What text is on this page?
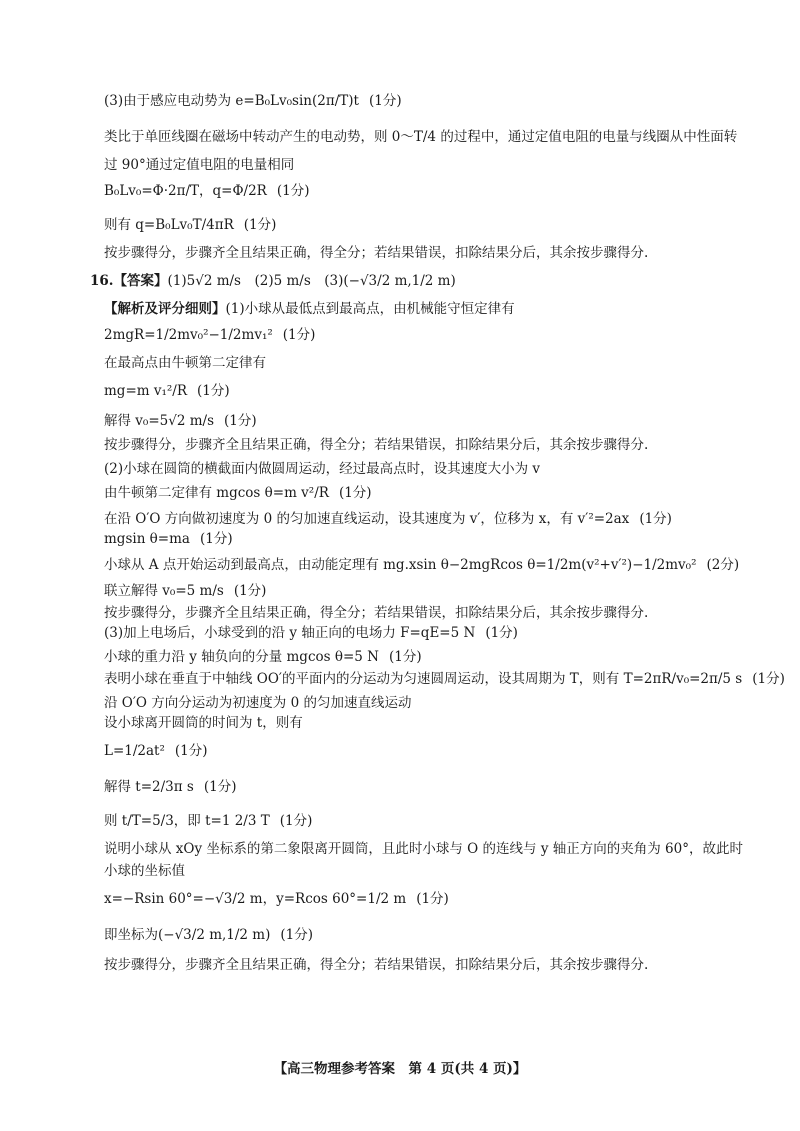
(3)由于感应电动势为 e=B₀Lv₀sin(2π/T)t (1分)
类比于单匝线圈在磁场中转动产生的电动势，则 0～T/4 的过程中，通过定值电阻的电量与线圈从中性面转
过 90°通过定值电阻的电量相同
B₀Lv₀=Φ·2π/T，q=Φ/2R (1分)
则有 q=B₀Lv₀T/4πR (1分)
按步骤得分，步骤齐全且结果正确，得全分；若结果错误，扣除结果分后，其余按步骤得分.
16.【答案】(1)5√2 m/s　(2)5 m/s　(3)(−√3/2 m,1/2 m)
【解析及评分细则】(1)小球从最低点到最高点，由机械能守恒定律有
2mgR=1/2mv₀²−1/2mv₁² (1分)
在最高点由牛顿第二定律有
mg=m v₁²/R (1分)
解得 v₀=5√2 m/s (1分)
按步骤得分，步骤齐全且结果正确，得全分；若结果错误，扣除结果分后，其余按步骤得分.
(2)小球在圆筒的横截面内做圆周运动，经过最高点时，设其速度大小为 v
由牛顿第二定律有 mgcos θ=m v²/R (1分)
在沿 O′O 方向做初速度为 0 的匀加速直线运动，设其速度为 v′，位移为 x，有 v′²=2ax (1分)
mgsin θ=ma (1分)
小球从 A 点开始运动到最高点，由动能定理有 mg.xsin θ−2mgRcos θ=1/2m(v²+v′²)−1/2mv₀² (2分)
联立解得 v₀=5 m/s (1分)
按步骤得分，步骤齐全且结果正确，得全分；若结果错误，扣除结果分后，其余按步骤得分.
(3)加上电场后，小球受到的沿 y 轴正向的电场力 F=qE=5 N (1分)
小球的重力沿 y 轴负向的分量 mgcos θ=5 N (1分)
表明小球在垂直于中轴线 OO′的平面内的分运动为匀速圆周运动，设其周期为 T，则有 T=2πR/v₀=2π/5 s (1分)
沿 O′O 方向分运动为初速度为 0 的匀加速直线运动
设小球离开圆筒的时间为 t，则有
L=1/2at² (1分)
解得 t=2/3π s (1分)
则 t/T=5/3，即 t=1 2/3 T (1分)
说明小球从 xOy 坐标系的第二象限离开圆筒，且此时小球与 O 的连线与 y 轴正方向的夹角为 60°，故此时
小球的坐标值
x=−Rsin 60°=−√3/2 m，y=Rcos 60°=1/2 m (1分)
即坐标为(−√3/2 m,1/2 m) (1分)
按步骤得分，步骤齐全且结果正确，得全分；若结果错误，扣除结果分后，其余按步骤得分.
【高三物理参考答案　第 4 页(共 4 页)】
